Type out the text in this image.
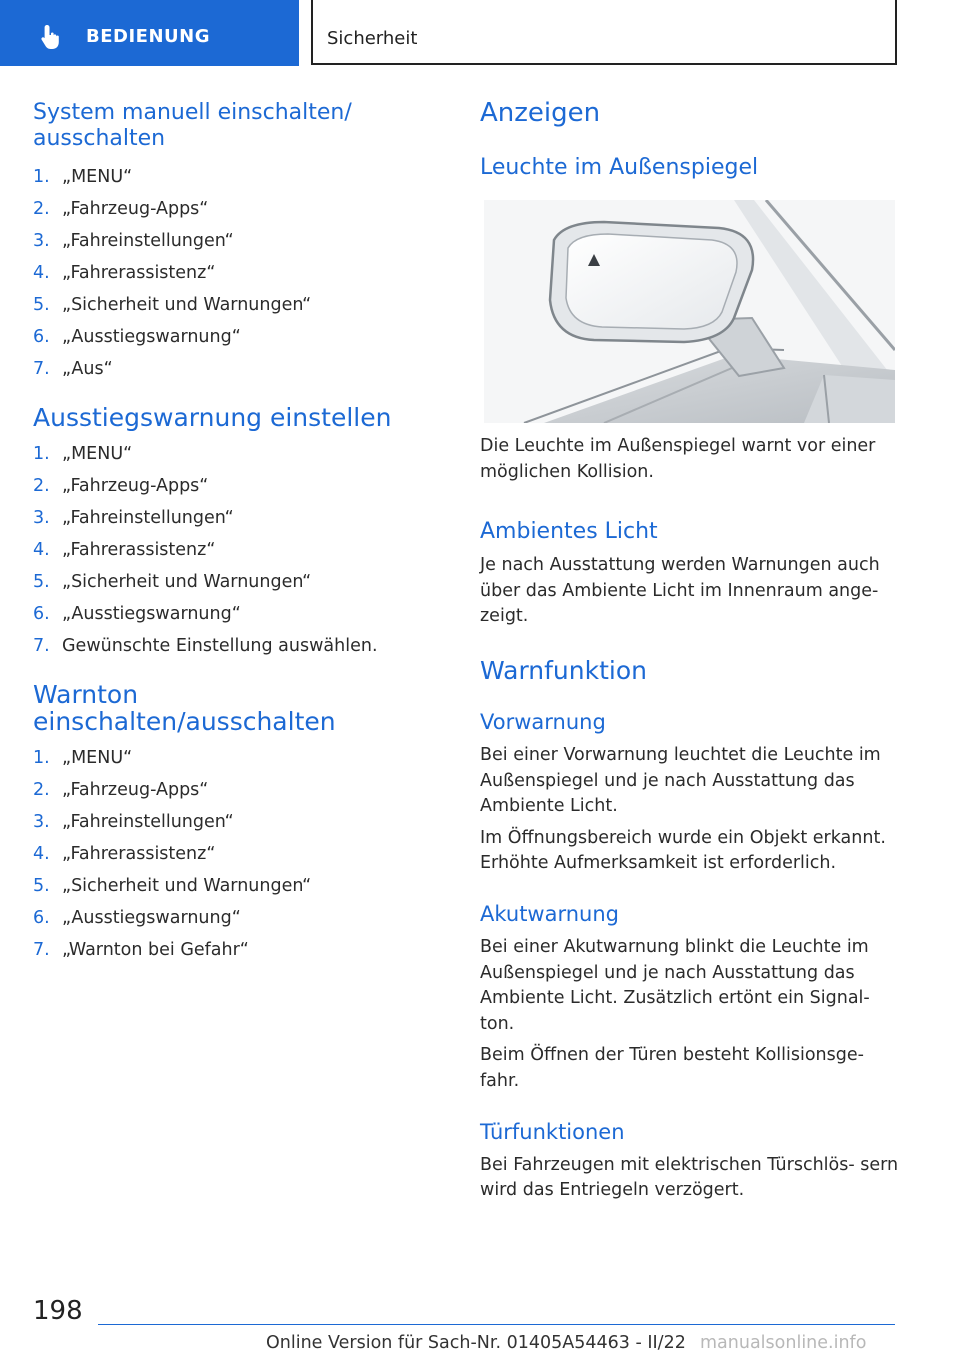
BEDIENUNG	Sicherheit
System manuell einschalten/ ausschalten
1. „MENU“
2. „Fahrzeug-Apps“
3. „Fahreinstellungen“
4. „Fahrerassistenz“
5. „Sicherheit und Warnungen“
6. „Ausstiegswarnung“
7. „Aus“
Ausstiegswarnung einstellen
1. „MENU“
2. „Fahrzeug-Apps“
3. „Fahreinstellungen“
4. „Fahrerassistenz“
5. „Sicherheit und Warnungen“
6. „Ausstiegswarnung“
7. Gewünschte Einstellung auswählen.
Warnton einschalten/ausschalten
1. „MENU“
2. „Fahrzeug-Apps“
3. „Fahreinstellungen“
4. „Fahrerassistenz“
5. „Sicherheit und Warnungen“
6. „Ausstiegswarnung“
7. „Warnton bei Gefahr“
Anzeigen
Leuchte im Außenspiegel

Die Leuchte im Außenspiegel warnt vor einer möglichen Kollision.

Ambientes Licht

Je nach Ausstattung werden Warnungen auch über das Ambiente Licht im Innenraum ange- zeigt.

Warnfunktion
Vorwarnung

Bei einer Vorwarnung leuchtet die Leuchte im Außenspiegel und je nach Ausstattung das Ambiente Licht.

Im Öffnungsbereich wurde ein Objekt erkannt. Erhöhte Aufmerksamkeit ist erforderlich.

Akutwarnung

Bei einer Akutwarnung blinkt die Leuchte im Außenspiegel und je nach Ausstattung das Ambiente Licht. Zusätzlich ertönt ein Signal- ton.

Beim Öffnen der Türen besteht Kollisionsge- fahr.

Türfunktionen

Bei Fahrzeugen mit elektrischen Türschlös- sern wird das Entriegeln verzögert.

198
Online Version für Sach-Nr. 01405A54463 - II/22 manualsonline.info
